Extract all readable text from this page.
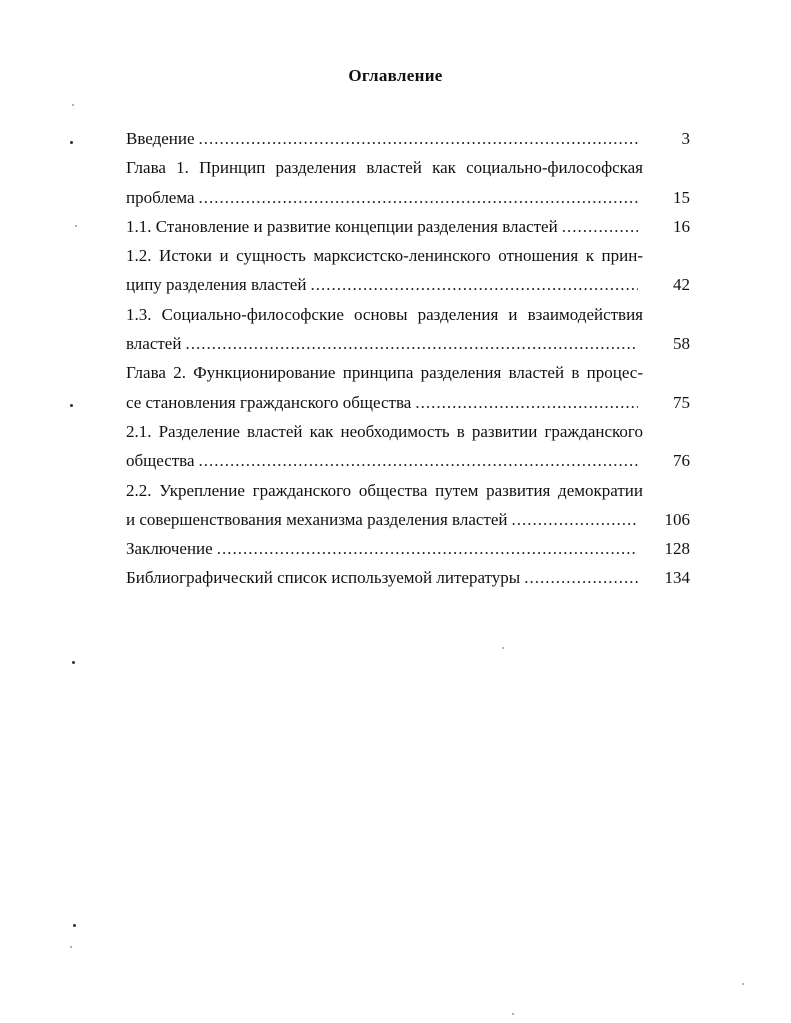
Оглавление
Введение .....	3
Глава 1. Принцип разделения властей как социально-философская
проблема .....	15
1.1. Становление и развитие концепции разделения властей .....	16
1.2. Истоки и сущность марксистско-ленинского отношения к прин-
ципу разделения властей .....	42
1.3. Социально-философские основы разделения и взаимодействия
властей .....	58
Глава 2. Функционирование принципа разделения властей в процес-
се становления гражданского общества .....	75
2.1. Разделение властей как необходимость в развитии гражданского
общества .....	76
2.2. Укрепление гражданского общества путем развития демократии
и совершенствования механизма разделения властей .....	106
Заключение .....	128
Библиографический список используемой литературы .....	134
